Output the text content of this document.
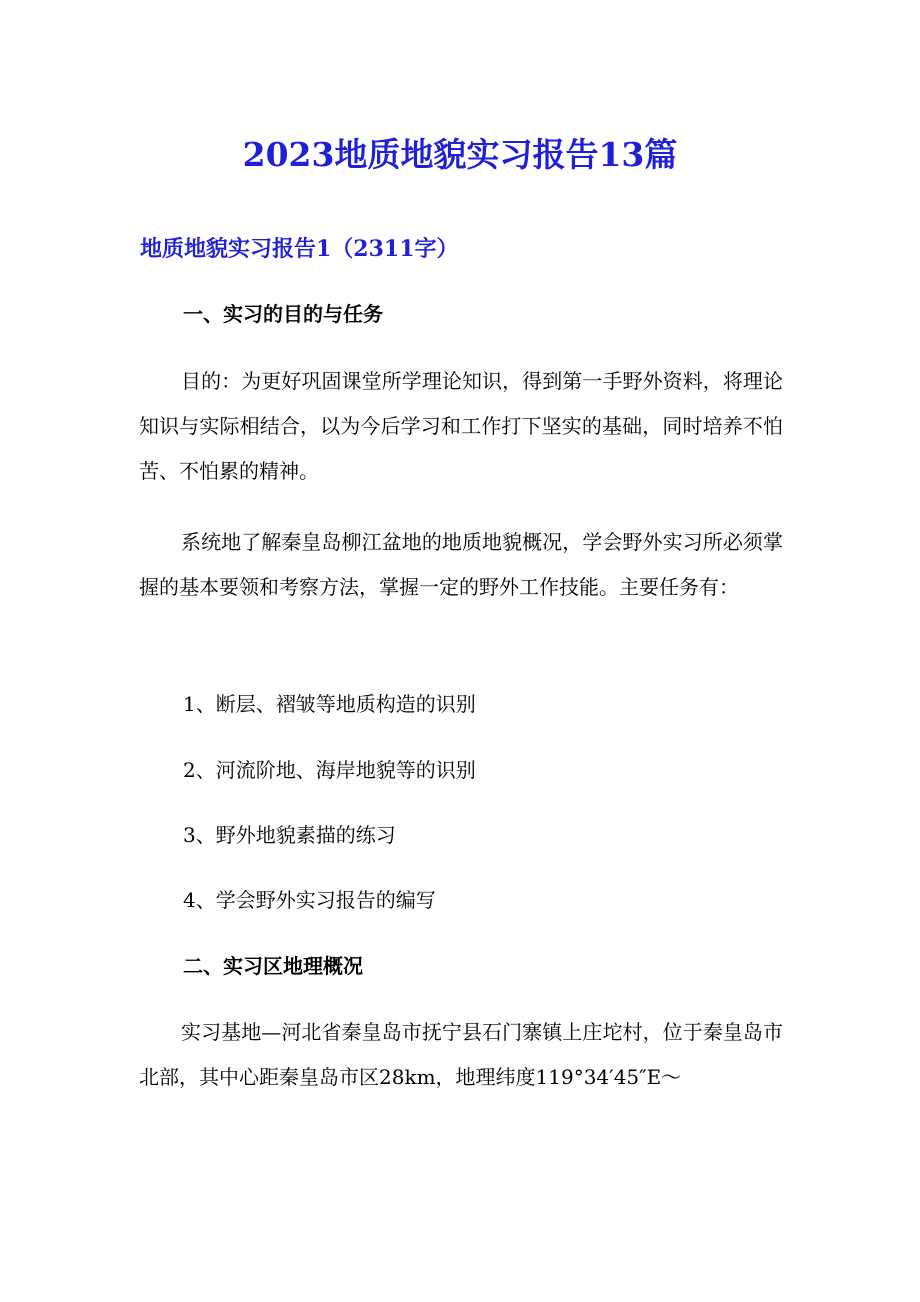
2023地质地貌实习报告13篇
地质地貌实习报告1（2311字）
一、实习的目的与任务

目的：为更好巩固课堂所学理论知识，得到第一手野外资料，将理论知识与实际相结合，以为今后学习和工作打下坚实的基础，同时培养不怕苦、不怕累的精神。

系统地了解秦皇岛柳江盆地的地质地貌概况，学会野外实习所必须掌握的基本要领和考察方法，掌握一定的野外工作技能。主要任务有：

1、断层、褶皱等地质构造的识别

2、河流阶地、海岸地貌等的识别

3、野外地貌素描的练习

4、学会野外实习报告的编写

二、实习区地理概况

实习基地—河北省秦皇岛市抚宁县石门寨镇上庄坨村，位于秦皇岛市北部，其中心距秦皇岛市区28km，地理纬度119°34′45″E～
